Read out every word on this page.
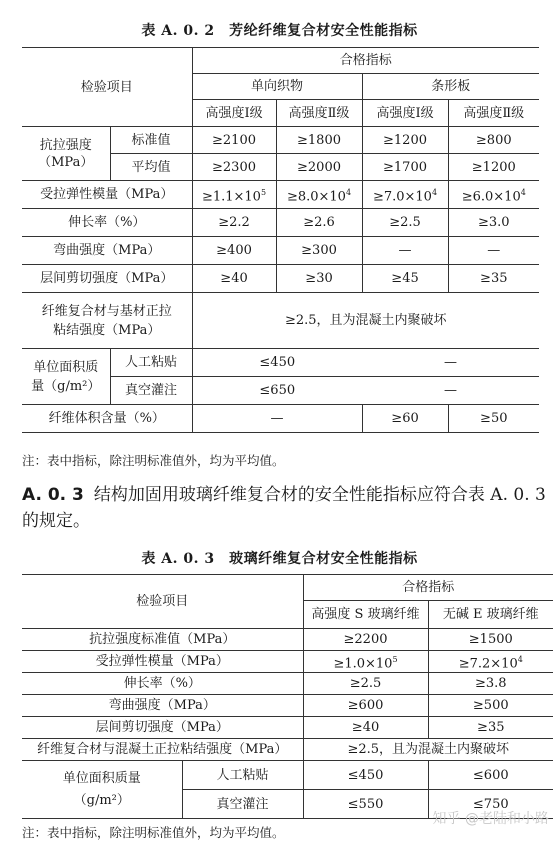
表 A. 0. 2　芳纶纤维复合材安全性能指标
检验项目		合格指标			
		单向织物		条形板	
		高强度Ⅰ级	高强度Ⅱ级	高强度Ⅰ级	高强度Ⅱ级
抗拉强度（MPa）	标准值	≥2100	≥1800	≥1200	≥800
	平均值	≥2300	≥2000	≥1700	≥1200
受拉弹性模量（MPa）		$\ge 1.1\times 10^5$	$\ge 8.0\times 10^4$	$\ge 7.0\times 10^4$	$\ge 6.0\times 10^4$
伸长率（%）		≥2.2	≥2.6	≥2.5	≥3.0
弯曲强度（MPa）		≥400	≥300	—	—
层间剪切强度（MPa）		≥40	≥30	≥45	≥35
纤维复合材与基材正拉粘结强度（MPa）		≥2.5，且为混凝土内聚破坏			
单位面积质量（g/m²）	人工粘贴	≤450		—	
	真空灌注	≤650		—	
纤维体积含量（%）		—		≥60	≥50
注：表中指标，除注明标准值外，均为平均值。
A. 0. 3 结构加固用玻璃纤维复合材的安全性能指标应符合表 A. 0. 3的规定。
表 A. 0. 3　玻璃纤维复合材安全性能指标
检验项目		合格指标	
		高强度 S 玻璃纤维	无碱 E 玻璃纤维
抗拉强度标准值（MPa）		≥2200	≥1500
受拉弹性模量（MPa）		$\ge 1.0\times 10^5$	$\ge 7.2\times 10^4$
伸长率（%）		≥2.5	≥3.8
弯曲强度（MPa）		≥600	≥500
层间剪切强度（MPa）		≥40	≥35
纤维复合材与混凝土正拉粘结强度（MPa）		≥2.5，且为混凝土内聚破坏	
单位面积质量（g/m²）	人工粘贴	≤450	≤600
	真空灌注	≤550	≤750
注：表中指标，除注明标准值外，均为平均值。
知乎 @老陆和小路
